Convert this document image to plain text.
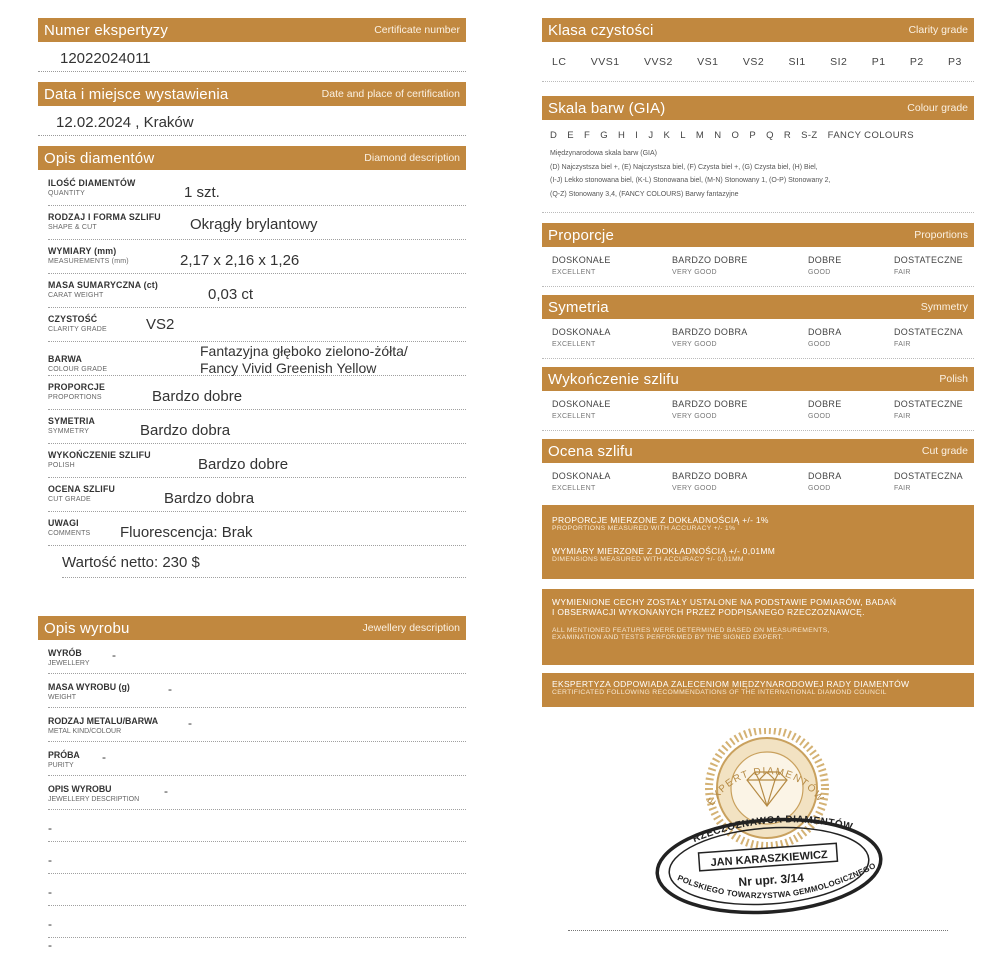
Numer ekspertyzy	Certificate number
12022024011
Data i miejsce wystawienia	Date and place of certification
12.02.2024 , Kraków
Opis diamentów	Diamond description
ILOŚĆ DIAMENTÓW
QUANTITY	1 szt.
RODZAJ I FORMA SZLIFU
SHAPE & CUT	Okrągły brylantowy
WYMIARY (mm)
MEASUREMENTS (mm)	2,17 x 2,16 x 1,26
MASA SUMARYCZNA (ct)
CARAT WEIGHT	0,03 ct
CZYSTOŚĆ
CLARITY GRADE	VS2
BARWA
COLOUR GRADE
Fantazyjna głęboko zielono-żółta/
Fancy Vivid Greenish Yellow
PROPORCJE
PROPORTIONS	Bardzo dobre
SYMETRIA
SYMMETRY	Bardzo dobra
WYKOŃCZENIE SZLIFU
POLISH	Bardzo dobre
OCENA SZLIFU
CUT GRADE	Bardzo dobra
UWAGI
COMMENTS Fluorescencja: Brak
Wartość netto: 230 $
Opis wyrobu	Jewellery description
WYRÓB
JEWELLERY
-
MASA WYROBU (g)
WEIGHT
-
RODZAJ METALU/BARWA
METAL KIND/COLOUR
-
PRÓBA
PURITY
-
OPIS WYROBU
JEWELLERY DESCRIPTION
-
-
-
-
-
-
Klasa czystości	Clarity grade
LC VVS1 VVS2 VS1 VS2 SI1 SI2 P1 P2 P3
Skala barw (GIA)	Colour grade
D E F G H I J K L M N O P Q R S-Z FANCY COLOURS
Międzynarodowa skala barw (GIA)
(D) Najczystsza biel +, (E) Najczystsza biel, (F) Czysta biel +, (G) Czysta biel, (H) Biel,
(I-J) Lekko stonowana biel, (K-L) Stonowana biel, (M-N) Stonowany 1, (O-P) Stonowany 2,
(Q-Z) Stonowany 3,4, (FANCY COLOURS) Barwy fantazyjne
Proporcje	Proportions
DOSKONAŁE
EXCELLENT
BARDZO DOBRE
VERY GOOD
DOBRE
GOOD
DOSTATECZNE
FAIR
Symetria	Symmetry
DOSKONAŁA
EXCELLENT
BARDZO DOBRA
VERY GOOD
DOBRA
GOOD
DOSTATECZNA
FAIR
Wykończenie szlifu	Polish
DOSKONAŁE
EXCELLENT
BARDZO DOBRE
VERY GOOD
DOBRE
GOOD
DOSTATECZNE
FAIR
Ocena szlifu	Cut grade
DOSKONAŁA
EXCELLENT
BARDZO DOBRA
VERY GOOD
DOBRA
GOOD
DOSTATECZNA
FAIR
PROPORCJE MIERZONE Z DOKŁADNOŚCIĄ +/- 1%
PROPORTIONS MEASURED WITH ACCURACY +/- 1%
WYMIARY MIERZONE Z DOKŁADNOŚCIĄ +/- 0,01MM
DIMENSIONS MEASURED WITH ACCURACY +/- 0,01MM
WYMIENIONE CECHY ZOSTAŁY USTALONE NA PODSTAWIE POMIARÓW, BADAŃ
I OBSERWACJI WYKONANYCH PRZEZ PODPISANEGO RZECZOZNAWCĘ.
ALL MENTIONED FEATURES WERE DETERMINED BASED ON MEASUREMENTS,
EXAMINATION AND TESTS PERFORMED BY THE SIGNED EXPERT.
EKSPERTYZA ODPOWIADA ZALECENIOM MIĘDZYNARODOWEJ RADY DIAMENTÓW
CERTIFICATED FOLLOWING RECOMMENDATIONS OF THE INTERNATIONAL DIAMOND COUNCIL
EXPERT DIAMENTÓW
RZECZOZNAWCA DIAMENTÓW
JAN KARASZKIEWICZ
Nr upr. 3/14
POLSKIEGO TOWARZYSTWA GEMMOLOGICZNEGO
